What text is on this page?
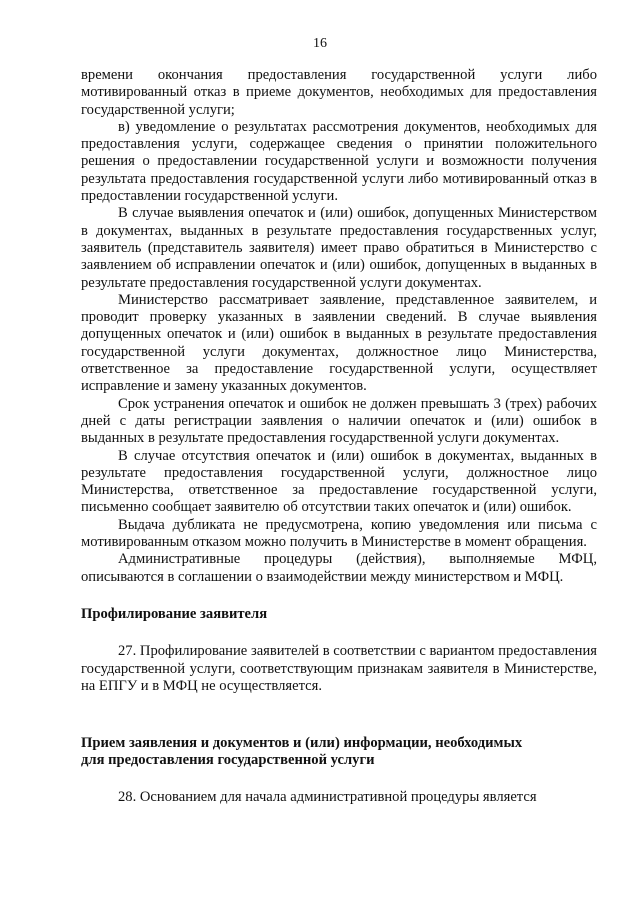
16

времени окончания предоставления государственной услуги либо мотивированный отказ в приеме документов, необходимых для предоставления государственной услуги;

в) уведомление о результатах рассмотрения документов, необходимых для предоставления услуги, содержащее сведения о принятии положительного решения о предоставлении государственной услуги и возможности получения результата предоставления государственной услуги либо мотивированный отказ в предоставлении государственной услуги.

В случае выявления опечаток и (или) ошибок, допущенных Министерством в документах, выданных в результате предоставления государственных услуг, заявитель (представитель заявителя) имеет право обратиться в Министерство с заявлением об исправлении опечаток и (или) ошибок, допущенных в выданных в результате предоставления государственной услуги документах.

Министерство рассматривает заявление, представленное заявителем, и проводит проверку указанных в заявлении сведений. В случае выявления допущенных опечаток и (или) ошибок в выданных в результате предоставления государственной услуги документах, должностное лицо Министерства, ответственное за предоставление государственной услуги, осуществляет исправление и замену указанных документов.

Срок устранения опечаток и ошибок не должен превышать 3 (трех) рабочих дней с даты регистрации заявления о наличии опечаток и (или) ошибок в выданных в результате предоставления государственной услуги документах.

В случае отсутствия опечаток и (или) ошибок в документах, выданных в результате предоставления государственной услуги, должностное лицо Министерства, ответственное за предоставление государственной услуги, письменно сообщает заявителю об отсутствии таких опечаток и (или) ошибок.

Выдача дубликата не предусмотрена, копию уведомления или письма с мотивированным отказом можно получить в Министерстве в момент обращения.

Административные процедуры (действия), выполняемые МФЦ, описываются в соглашении о взаимодействии между министерством и МФЦ.

Профилирование заявителя

27. Профилирование заявителей в соответствии с вариантом предоставления государственной услуги, соответствующим признакам заявителя в Министерстве, на ЕПГУ и в МФЦ не осуществляется.

Прием заявления и документов и (или) информации, необходимых

для предоставления государственной услуги

28. Основанием для начала административной процедуры является
